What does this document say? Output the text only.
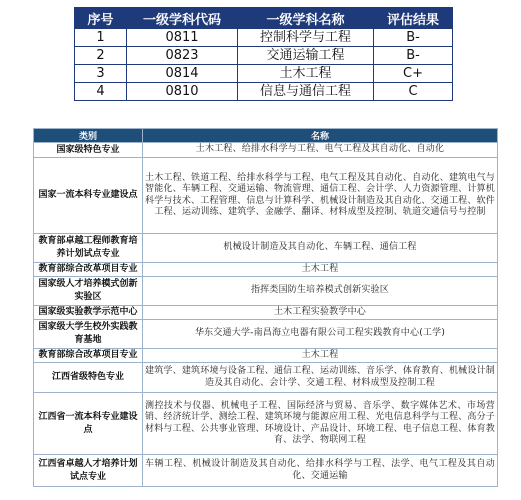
序号	一级学科代码	一级学科名称	评估结果
1	0811	控制科学与工程	B-
2	0823	交通运输工程	B-
3	0814	土木工程	C+
4	0810	信息与通信工程	C
类别	名称
国家级特色专业	土木工程、给排水科学与工程、电气工程及其自动化、自动化
国家一流本科专业建设点	土木工程、铁道工程、给排水科学与工程、电气工程及其自动化、自动化、建筑电气与智能化、车辆工程、交通运输、物流管理、通信工程、会计学、人力资源管理、计算机科学与技术、工程管理、信息与计算科学、机械设计制造及其自动化、交通工程、软件工程、运动训练、建筑学、金融学、翻译、材料成型及控制、轨道交通信号与控制
教育部卓越工程师教育培养计划试点专业	机械设计制造及其自动化、车辆工程、通信工程
教育部综合改革项目专业	土木工程
国家级人才培养模式创新实验区	指挥类国防生培养模式创新实验区
国家级实验教学示范中心	土木工程实验教学中心
国家级大学生校外实践教育基地	华东交通大学-南昌海立电器有限公司工程实践教育中心(工学)
教育部综合改革项目专业	土木工程
江西省级特色专业	建筑学、建筑环境与设备工程、通信工程、运动训练、音乐学、体育教育、机械设计制造及其自动化、会计学、交通工程、材料成型及控制工程
江西省一流本科专业建设点	测控技术与仪器、机械电子工程、国际经济与贸易、音乐学、数字媒体艺术、市场营销、经济统计学、测绘工程、建筑环境与能源应用工程、光电信息科学与工程、高分子材料与工程、公共事业管理、环境设计、产品设计、环境工程、电子信息工程、体育教育、法学、物联网工程
江西省卓越人才培养计划试点专业	车辆工程、机械设计制造及其自动化、给排水科学与工程、法学、电气工程及其自动化、交通运输
